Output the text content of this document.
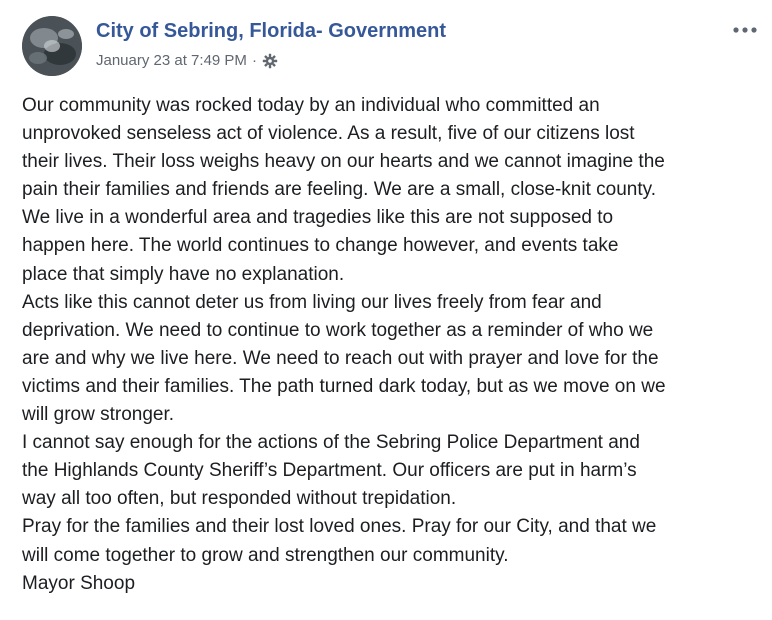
City of Sebring, Florida- Government
January 23 at 7:49 PM ·

Our community was rocked today by an individual who committed an
unprovoked senseless act of violence. As a result, five of our citizens lost
their lives. Their loss weighs heavy on our hearts and we cannot imagine the
pain their families and friends are feeling. We are a small, close-knit county.
We live in a wonderful area and tragedies like this are not supposed to
happen here. The world continues to change however, and events take
place that simply have no explanation.

Acts like this cannot deter us from living our lives freely from fear and
deprivation. We need to continue to work together as a reminder of who we
are and why we live here. We need to reach out with prayer and love for the
victims and their families. The path turned dark today, but as we move on we
will grow stronger.

I cannot say enough for the actions of the Sebring Police Department and
the Highlands County Sheriff’s Department. Our officers are put in harm’s
way all too often, but responded without trepidation.

Pray for the families and their lost loved ones. Pray for our City, and that we
will come together to grow and strengthen our community.

Mayor Shoop
